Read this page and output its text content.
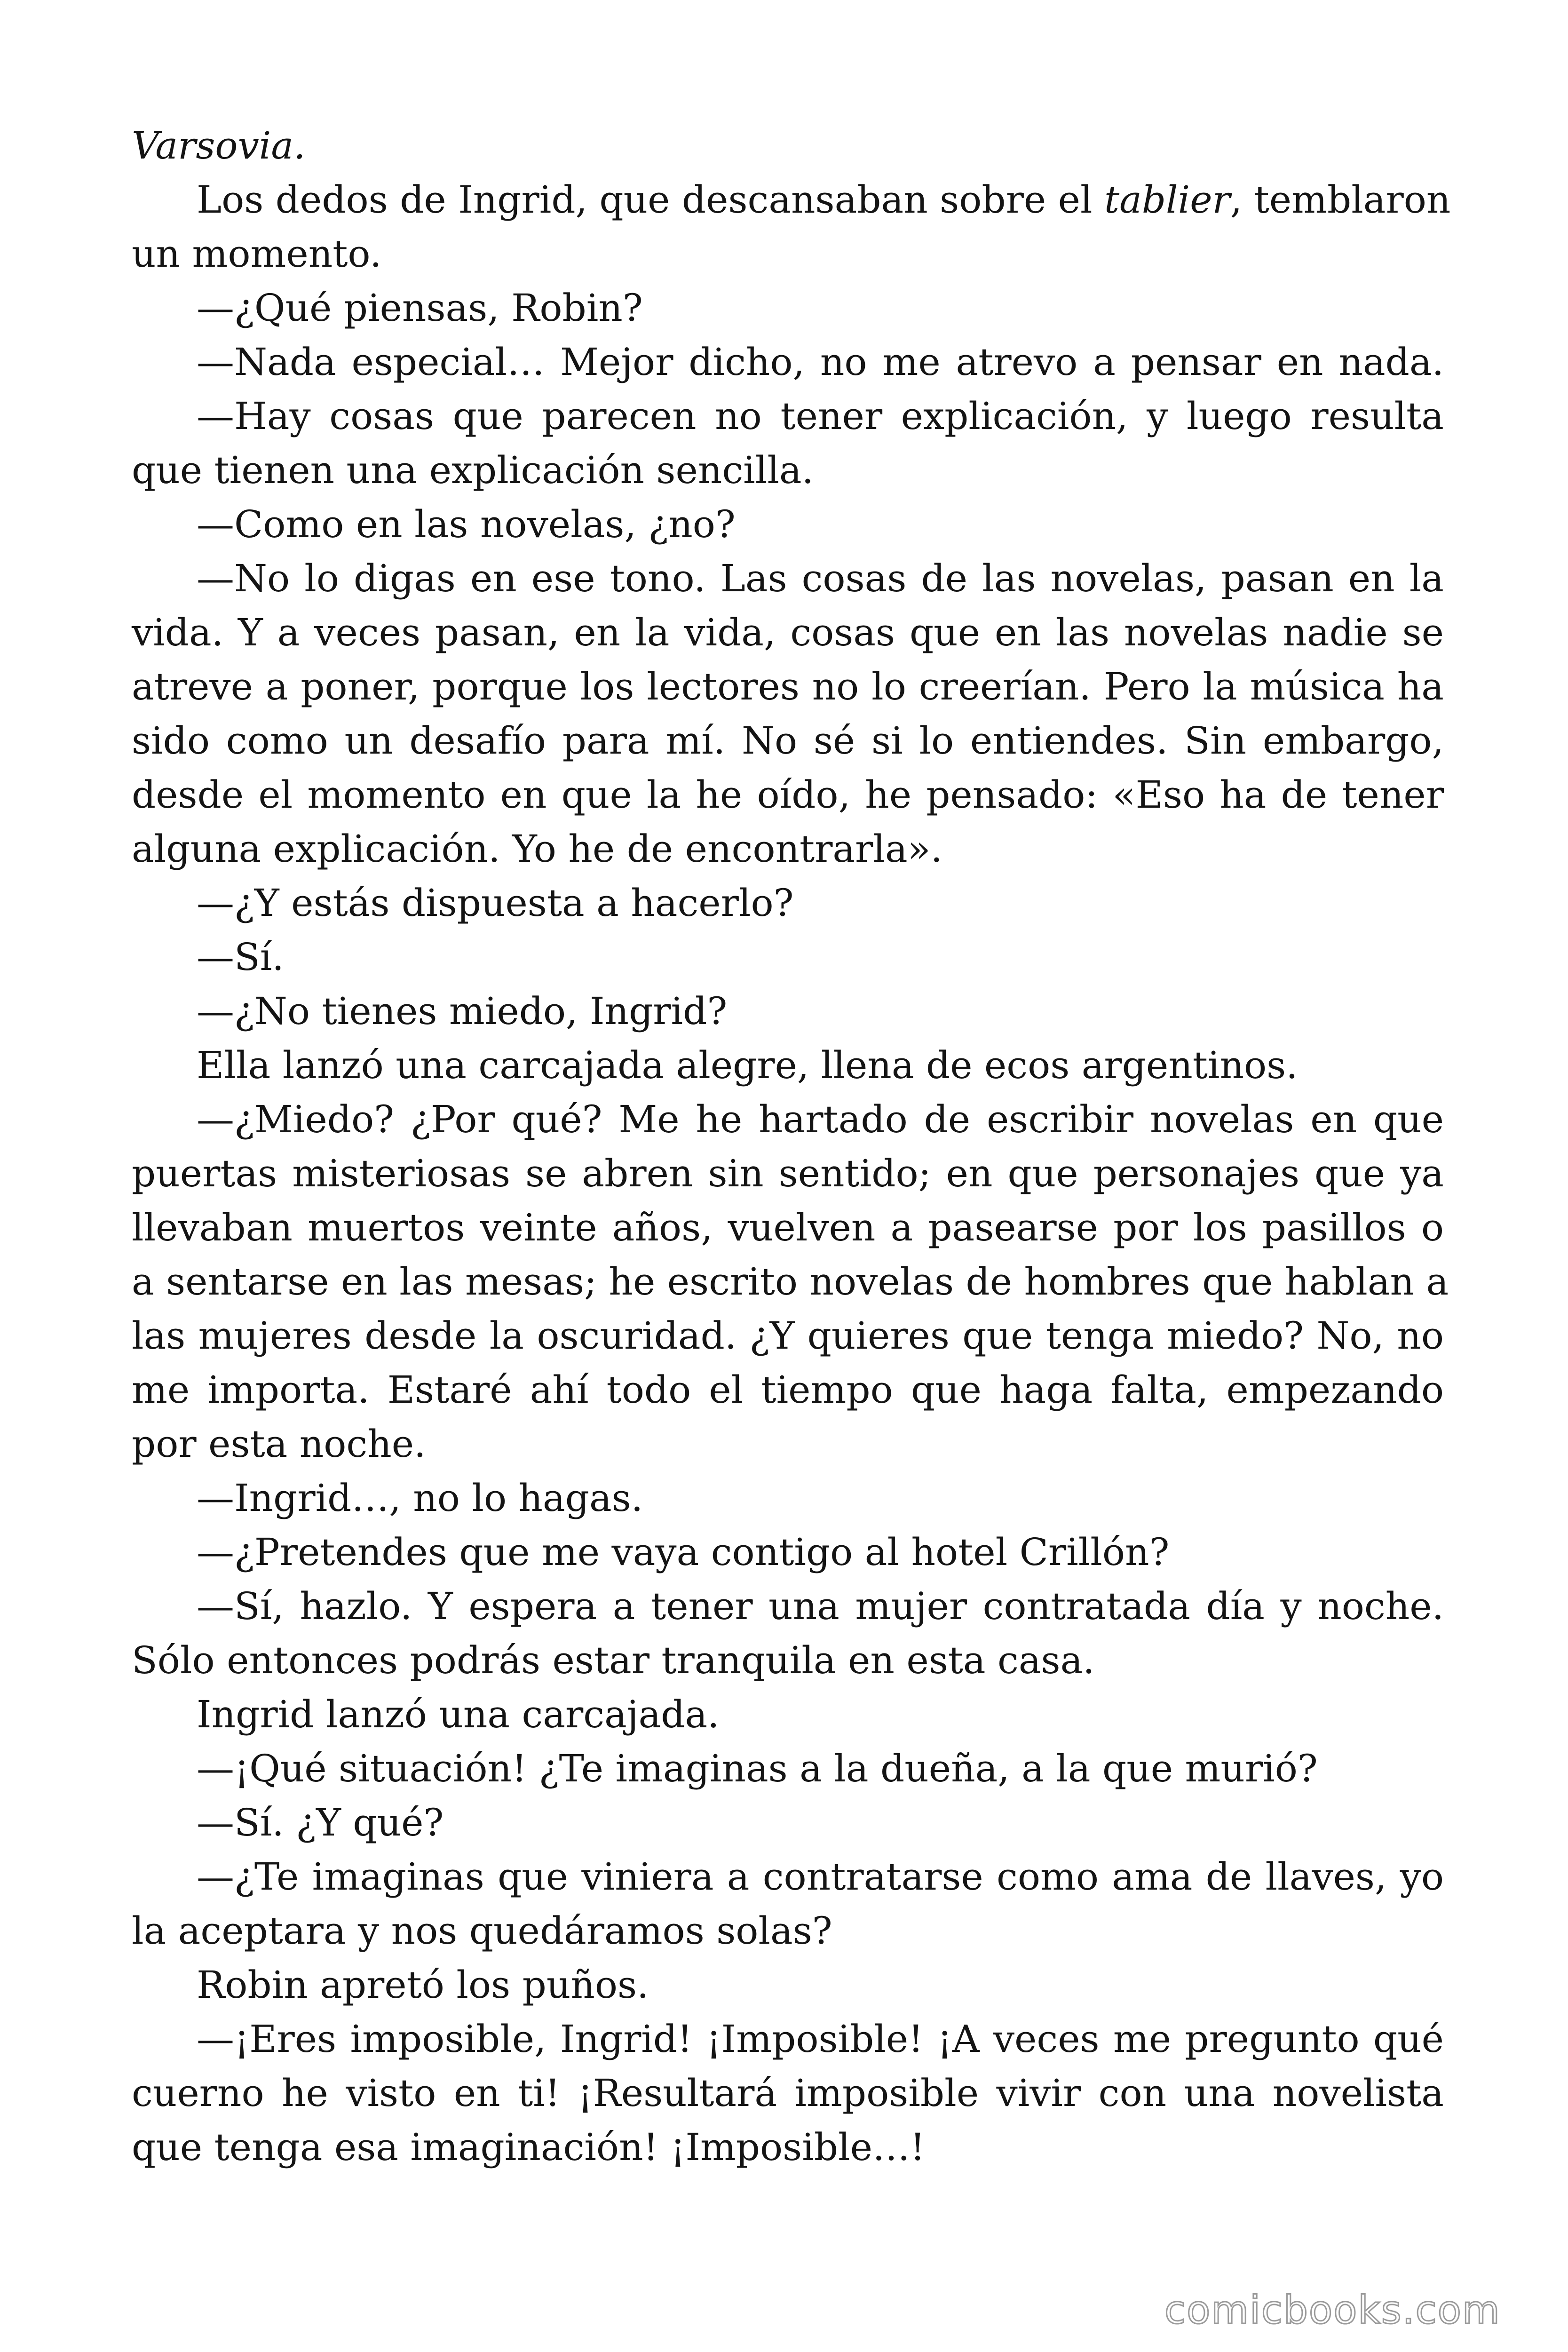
Varsovia.
Los dedos de Ingrid, que descansaban sobre el tablier, temblaron
un momento.
—¿Qué piensas, Robin?
—Nada especial… Mejor dicho, no me atrevo a pensar en nada.
—Hay cosas que parecen no tener explicación, y luego resulta
que tienen una explicación sencilla.
—Como en las novelas, ¿no?
—No lo digas en ese tono. Las cosas de las novelas, pasan en la
vida. Y a veces pasan, en la vida, cosas que en las novelas nadie se
atreve a poner, porque los lectores no lo creerían. Pero la música ha
sido como un desafío para mí. No sé si lo entiendes. Sin embargo,
desde el momento en que la he oído, he pensado: «Eso ha de tener
alguna explicación. Yo he de encontrarla».
—¿Y estás dispuesta a hacerlo?
—Sí.
—¿No tienes miedo, Ingrid?
Ella lanzó una carcajada alegre, llena de ecos argentinos.
—¿Miedo? ¿Por qué? Me he hartado de escribir novelas en que
puertas misteriosas se abren sin sentido; en que personajes que ya
llevaban muertos veinte años, vuelven a pasearse por los pasillos o
a sentarse en las mesas; he escrito novelas de hombres que hablan a
las mujeres desde la oscuridad. ¿Y quieres que tenga miedo? No, no
me importa. Estaré ahí todo el tiempo que haga falta, empezando
por esta noche.
—Ingrid…, no lo hagas.
—¿Pretendes que me vaya contigo al hotel Crillón?
—Sí, hazlo. Y espera a tener una mujer contratada día y noche.
Sólo entonces podrás estar tranquila en esta casa.
Ingrid lanzó una carcajada.
—¡Qué situación! ¿Te imaginas a la dueña, a la que murió?
—Sí. ¿Y qué?
—¿Te imaginas que viniera a contratarse como ama de llaves, yo
la aceptara y nos quedáramos solas?
Robin apretó los puños.
—¡Eres imposible, Ingrid! ¡Imposible! ¡A veces me pregunto qué
cuerno he visto en ti! ¡Resultará imposible vivir con una novelista
que tenga esa imaginación! ¡Imposible…!
comicbooks.com
